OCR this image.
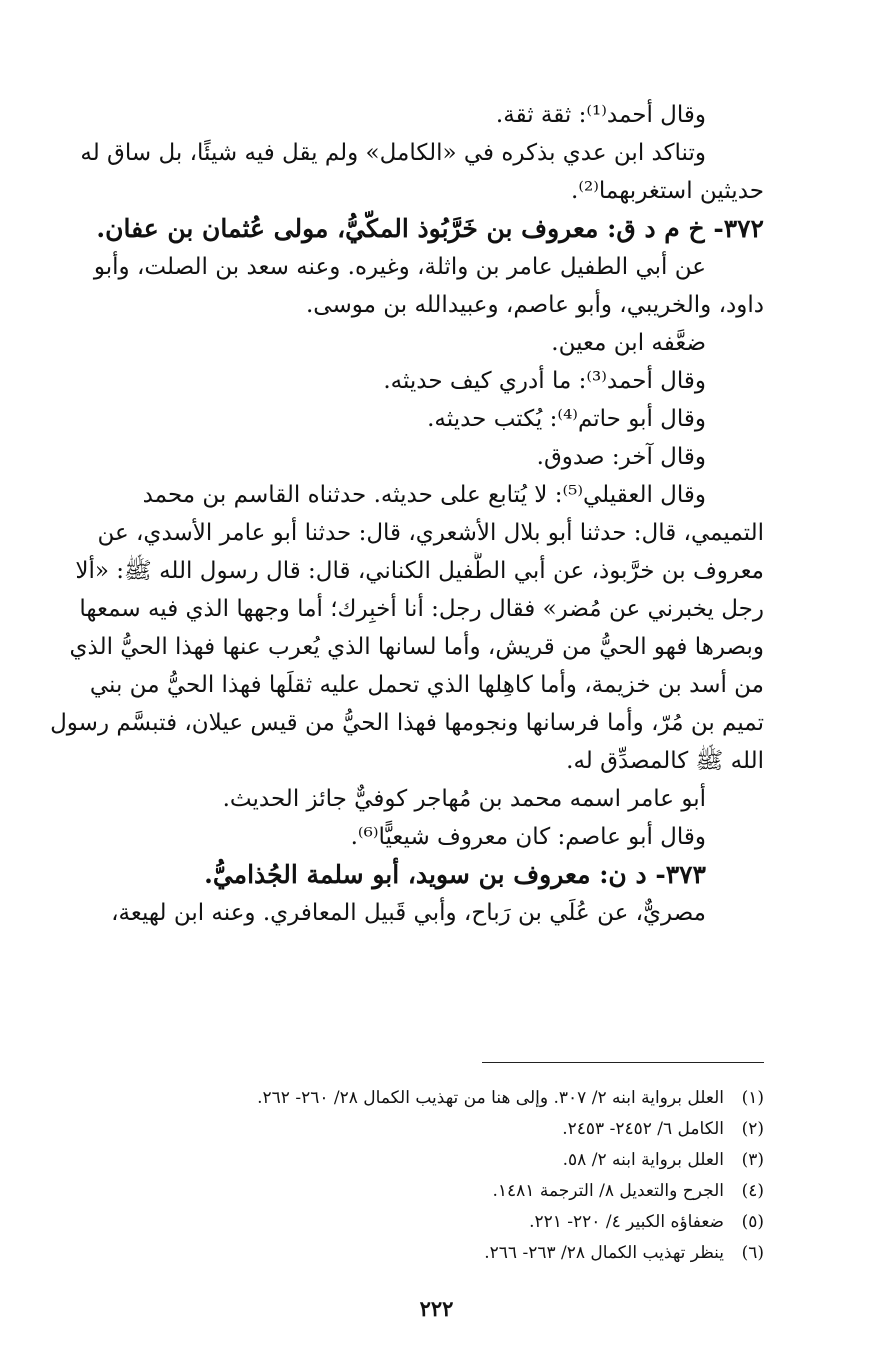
وقال أحمد⁽¹⁾: ثقة ثقة.
وتناكد ابن عدي بذكره في «الكامل» ولم يقل فيه شيئًا، بل ساق له
حديثين استغربهما⁽²⁾.
٣٧٢- خ م د ق: معروف بن خَرَّبُوذ المكّيُّ، مولى عُثمان بن عفان.
عن أبي الطفيل عامر بن واثلة، وغيره. وعنه سعد بن الصلت، وأبو
داود، والخريبي، وأبو عاصم، وعبيدالله بن موسى.
ضعَّفه ابن معين.
وقال أحمد⁽³⁾: ما أدري كيف حديثه.
وقال أبو حاتم⁽⁴⁾: يُكتب حديثه.
وقال آخر: صدوق.
وقال العقيلي⁽⁵⁾: لا يُتابع على حديثه. حدثناه القاسم بن محمد
التميمي، قال: حدثنا أبو بلال الأشعري، قال: حدثنا أبو عامر الأسدي، عن
معروف بن خرَّبوذ، عن أبي الطُّفيل الكناني، قال: قال رسول الله ﷺ: «ألا
رجل يخبرني عن مُضر» فقال رجل: أنا أخبِرك؛ أما وجهها الذي فيه سمعها
وبصرها فهو الحيُّ من قريش، وأما لسانها الذي يُعرب عنها فهذا الحيُّ الذي
من أسد بن خزيمة، وأما كاهِلها الذي تحمل عليه ثقلَها فهذا الحيُّ من بني
تميم بن مُرّ، وأما فرسانها ونجومها فهذا الحيُّ من قيس عيلان، فتبسَّم رسول
الله ﷺ كالمصدِّق له.
أبو عامر اسمه محمد بن مُهاجر كوفيٌّ جائز الحديث.
وقال أبو عاصم: كان معروف شيعيًّا⁽⁶⁾.
٣٧٣- د ن: معروف بن سويد، أبو سلمة الجُذاميُّ.
مصريٌّ، عن عُلَي بن رَباح، وأبي قَبيل المعافري. وعنه ابن لهيعة،
(١)العلل برواية ابنه ٢/ ٣٠٧. وإلى هنا من تهذيب الكمال ٢٨/ ٢٦٠- ٢٦٢.
(٢)الكامل ٦/ ٢٤٥٢- ٢٤٥٣.
(٣)العلل برواية ابنه ٢/ ٥٨.
(٤)الجرح والتعديل ٨/ الترجمة ١٤٨١.
(٥)ضعفاؤه الكبير ٤/ ٢٢٠- ٢٢١.
(٦)ينظر تهذيب الكمال ٢٨/ ٢٦٣- ٢٦٦.
٢٢٢
